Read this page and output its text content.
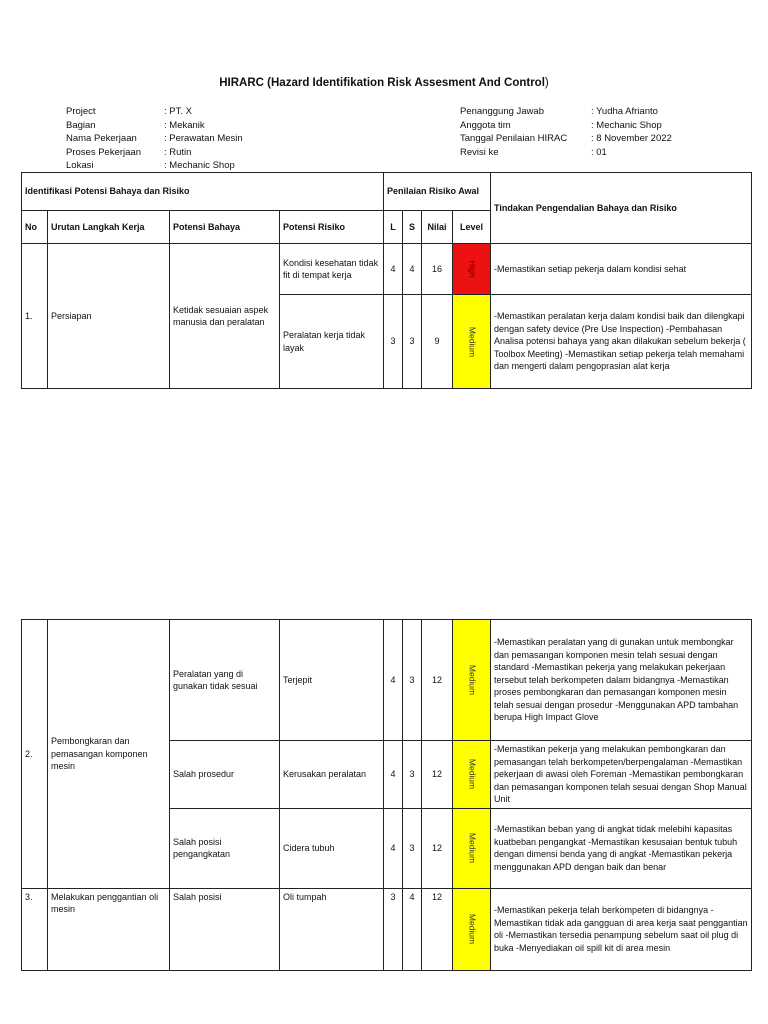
HIRARC (Hazard Identifikation Risk Assesment And Control)
Project	: PT. X
Bagian	: Mekanik
Nama Pekerjaan	: Perawatan Mesin
Proses Pekerjaan	: Rutin
Lokasi	: Mechanic Shop
Penanggung Jawab	: Yudha Afrianto
Anggota tim	: Mechanic Shop
Tanggal Penilaian HIRAC	: 8 November 2022
Revisi ke	: 01
Identifikasi Potensi Bahaya dan Risiko				Penilaian Risiko Awal				Tindakan Pengendalian Bahaya dan Risiko
No	Urutan Langkah Kerja	Potensi Bahaya	Potensi Risiko	L	S	Nilai	Level	
1.	Persiapan	Ketidak sesuaian aspek manusia dan peralatan	Kondisi kesehatan tidak fit di tempat kerja	4	4	16	High	-Memastikan setiap pekerja dalam kondisi sehat
			Peralatan kerja tidak layak	3	3	9	Medium	-Memastikan peralatan kerja dalam kondisi baik dan dilengkapi dengan safety device (Pre Use Inspection) -Pembahasan Analisa potensi bahaya yang akan dilakukan sebelum bekerja ( Toolbox Meeting) -Memastikan setiap pekerja telah memahami dan mengerti dalam pengoprasian alat kerja
2.	Pembongkaran dan pemasangan komponen mesin	Peralatan yang di gunakan tidak sesuai	Terjepit	4	3	12	Medium	-Memastikan peralatan yang di gunakan untuk membongkar dan pemasangan komponen mesin telah sesuai dengan standard -Memastikan pekerja yang melakukan pekerjaan tersebut telah berkompeten dalam bidangnya -Memastikan proses pembongkaran dan pemasangan komponen mesin telah sesuai dengan prosedur -Menggunakan APD tambahan berupa High Impact Glove
		Salah prosedur	Kerusakan peralatan	4	3	12	Medium	-Memastikan pekerja yang melakukan pembongkaran dan pemasangan telah berkompeten/berpengalaman -Memastikan pekerjaan di awasi oleh Foreman -Memastikan pembongkaran dan pemasangan komponen telah sesuai dengan Shop Manual Unit
		Salah posisi pengangkatan	Cidera tubuh	4	3	12	Medium	-Memastikan beban yang di angkat tidak melebihi kapasitas kuatbeban pengangkat -Memastikan kesusaian bentuk tubuh dengan dimensi benda yang di angkat -Memastikan pekerja menggunakan APD dengan baik dan benar
3.	Melakukan penggantian oli mesin	Salah posisi	Oli tumpah	3	4	12	Medium	-Memastikan pekerja telah berkompeten di bidangnya -Memastikan tidak ada gangguan di area kerja saat penggantian oli -Memastikan tersedia penampung sebelum saat oil plug di buka -Menyediakan oil spill kit di area mesin
